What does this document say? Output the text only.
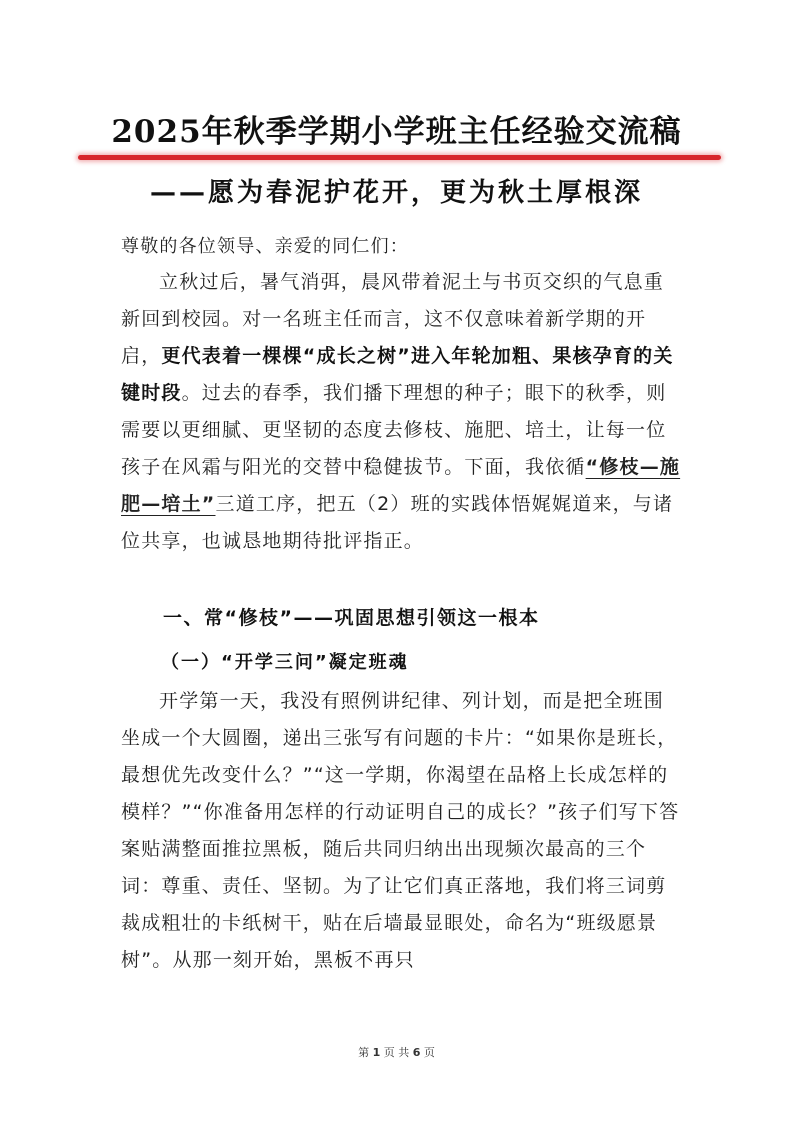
2025年秋季学期小学班主任经验交流稿
——愿为春泥护花开，更为秋土厚根深
尊敬的各位领导、亲爱的同仁们：
立秋过后，暑气消弭，晨风带着泥土与书页交织的气息重新回到校园。对一名班主任而言，这不仅意味着新学期的开启，更代表着一棵棵“成长之树”进入年轮加粗、果核孕育的关键时段。过去的春季，我们播下理想的种子；眼下的秋季，则需要以更细腻、更坚韧的态度去修枝、施肥、培土，让每一位孩子在风霜与阳光的交替中稳健拔节。下面，我依循“修枝—施肥—培土”三道工序，把五（2）班的实践体悟娓娓道来，与诸位共享，也诚恳地期待批评指正。
一、常“修枝”——巩固思想引领这一根本
（一）“开学三问”凝定班魂
开学第一天，我没有照例讲纪律、列计划，而是把全班围坐成一个大圆圈，递出三张写有问题的卡片：“如果你是班长，最想优先改变什么？”“这一学期，你渴望在品格上长成怎样的模样？”“你准备用怎样的行动证明自己的成长？”孩子们写下答案贴满整面推拉黑板，随后共同归纳出出现频次最高的三个词：尊重、责任、坚韧。为了让它们真正落地，我们将三词剪裁成粗壮的卡纸树干，贴在后墙最显眼处，命名为“班级愿景树”。从那一刻开始，黑板不再只
第 1 页 共 6 页
